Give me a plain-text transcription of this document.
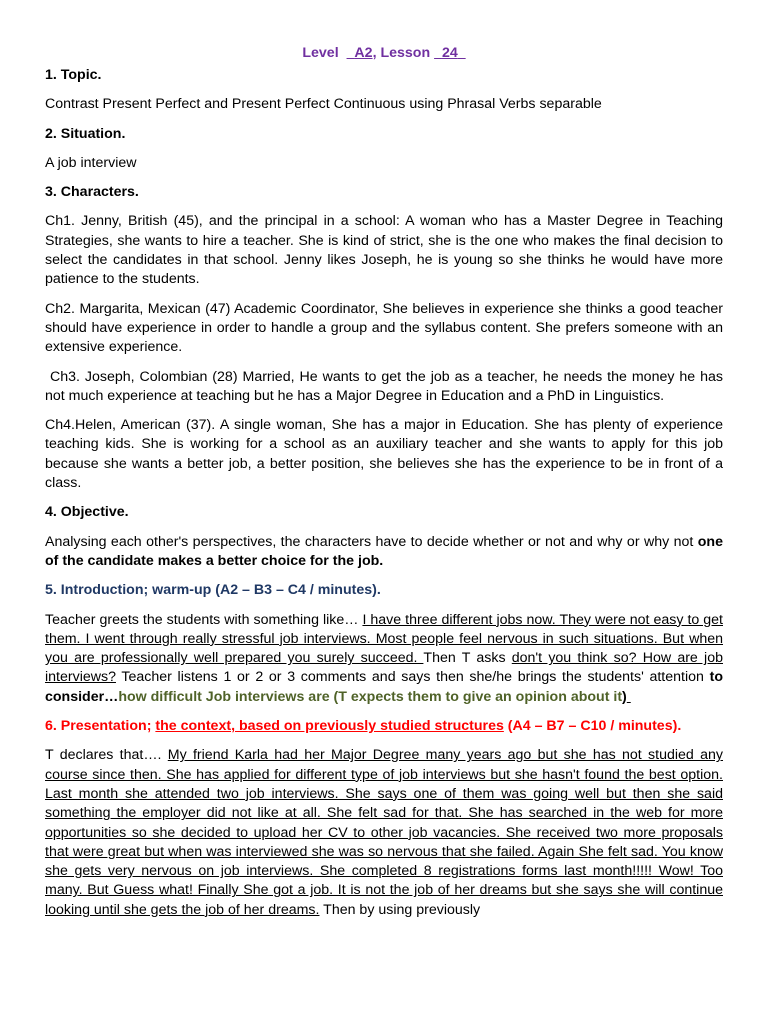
Level A2, Lesson 24
1. Topic.

Contrast Present Perfect and Present Perfect Continuous using Phrasal Verbs separable

2. Situation.

A job interview

3. Characters.

Ch1. Jenny, British (45), and the principal in a school: A woman who has a Master Degree in Teaching Strategies, she wants to hire a teacher. She is kind of strict, she is the one who makes the final decision to select the candidates in that school. Jenny likes Joseph, he is young so she thinks he would have more patience to the students.

Ch2. Margarita, Mexican (47) Academic Coordinator, She believes in experience she thinks a good teacher should have experience in order to handle a group and the syllabus content. She prefers someone with an extensive experience.

Ch3. Joseph, Colombian (28) Married, He wants to get the job as a teacher, he needs the money he has not much experience at teaching but he has a Major Degree in Education and a PhD in Linguistics.

Ch4.Helen, American (37). A single woman, She has a major in Education. She has plenty of experience teaching kids. She is working for a school as an auxiliary teacher and she wants to apply for this job because she wants a better job, a better position, she believes she has the experience to be in front of a class.

4. Objective.

Analysing each other's perspectives, the characters have to decide whether or not and why or why not one of the candidate makes a better choice for the job.

5. Introduction; warm-up (A2 – B3 – C4 / minutes).

Teacher greets the students with something like… I have three different jobs now. They were not easy to get them. I went through really stressful job interviews. Most people feel nervous in such situations. But when you are professionally well prepared you surely succeed. Then T asks don't you think so? How are job interviews? Teacher listens 1 or 2 or 3 comments and says then she/he brings the students' attention to consider…how difficult Job interviews are (T expects them to give an opinion about it)

6. Presentation; the context, based on previously studied structures (A4 – B7 – C10 / minutes).

T declares that…. My friend Karla had her Major Degree many years ago but she has not studied any course since then. She has applied for different type of job interviews but she hasn't found the best option. Last month she attended two job interviews. She says one of them was going well but then she said something the employer did not like at all. She felt sad for that. She has searched in the web for more opportunities so she decided to upload her CV to other job vacancies. She received two more proposals that were great but when was interviewed she was so nervous that she failed. Again She felt sad. You know she gets very nervous on job interviews. She completed 8 registrations forms last month!!!!! Wow! Too many. But Guess what! Finally She got a job. It is not the job of her dreams but she says she will continue looking until she gets the job of her dreams. Then by using previously
